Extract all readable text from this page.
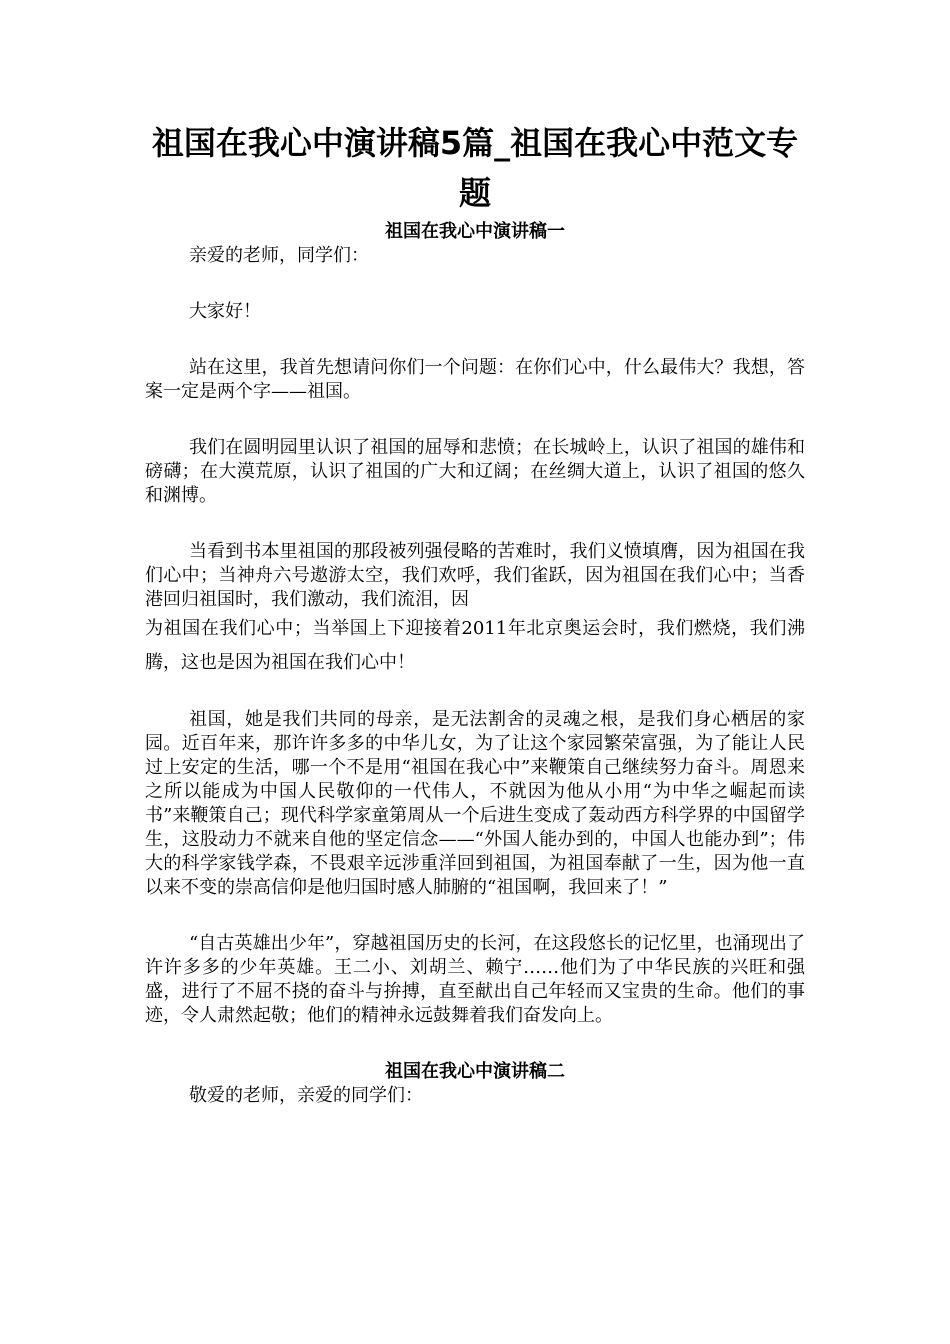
祖国在我心中演讲稿5篇_祖国在我心中范文专题
祖国在我心中演讲稿一

亲爱的老师，同学们：

大家好！

站在这里，我首先想请问你们一个问题：在你们心中，什么最伟大？我想，答案一定是两个字——祖国。

我们在圆明园里认识了祖国的屈辱和悲愤；在长城岭上，认识了祖国的雄伟和磅礴；在大漠荒原，认识了祖国的广大和辽阔；在丝绸大道上，认识了祖国的悠久和渊博。

当看到书本里祖国的那段被列强侵略的苦难时，我们义愤填膺，因为祖国在我们心中；当神舟六号遨游太空，我们欢呼，我们雀跃，因为祖国在我们心中；当香港回归祖国时，我们激动，我们流泪，因

为祖国在我们心中；当举国上下迎接着2011年北京奥运会时，我们燃烧，我们沸腾，这也是因为祖国在我们心中！

祖国，她是我们共同的母亲，是无法割舍的灵魂之根，是我们身心栖居的家园。近百年来，那许许多多的中华儿女，为了让这个家园繁荣富强，为了能让人民过上安定的生活，哪一个不是用“祖国在我心中”来鞭策自己继续努力奋斗。周恩来之所以能成为中国人民敬仰的一代伟人，不就因为他从小用“为中华之崛起而读书”来鞭策自己；现代科学家童第周从一个后进生变成了轰动西方科学界的中国留学生，这股动力不就来自他的坚定信念——“外国人能办到的，中国人也能办到”；伟大的科学家钱学森，不畏艰辛远涉重洋回到祖国，为祖国奉献了一生，因为他一直以来不变的崇高信仰是他归国时感人肺腑的“祖国啊，我回来了！”

“自古英雄出少年”，穿越祖国历史的长河，在这段悠长的记忆里，也涌现出了许许多多的少年英雄。王二小、刘胡兰、赖宁……他们为了中华民族的兴旺和强盛，进行了不屈不挠的奋斗与拚搏，直至献出自己年轻而又宝贵的生命。他们的事迹，令人肃然起敬；他们的精神永远鼓舞着我们奋发向上。

祖国在我心中演讲稿二

敬爱的老师，亲爱的同学们：
